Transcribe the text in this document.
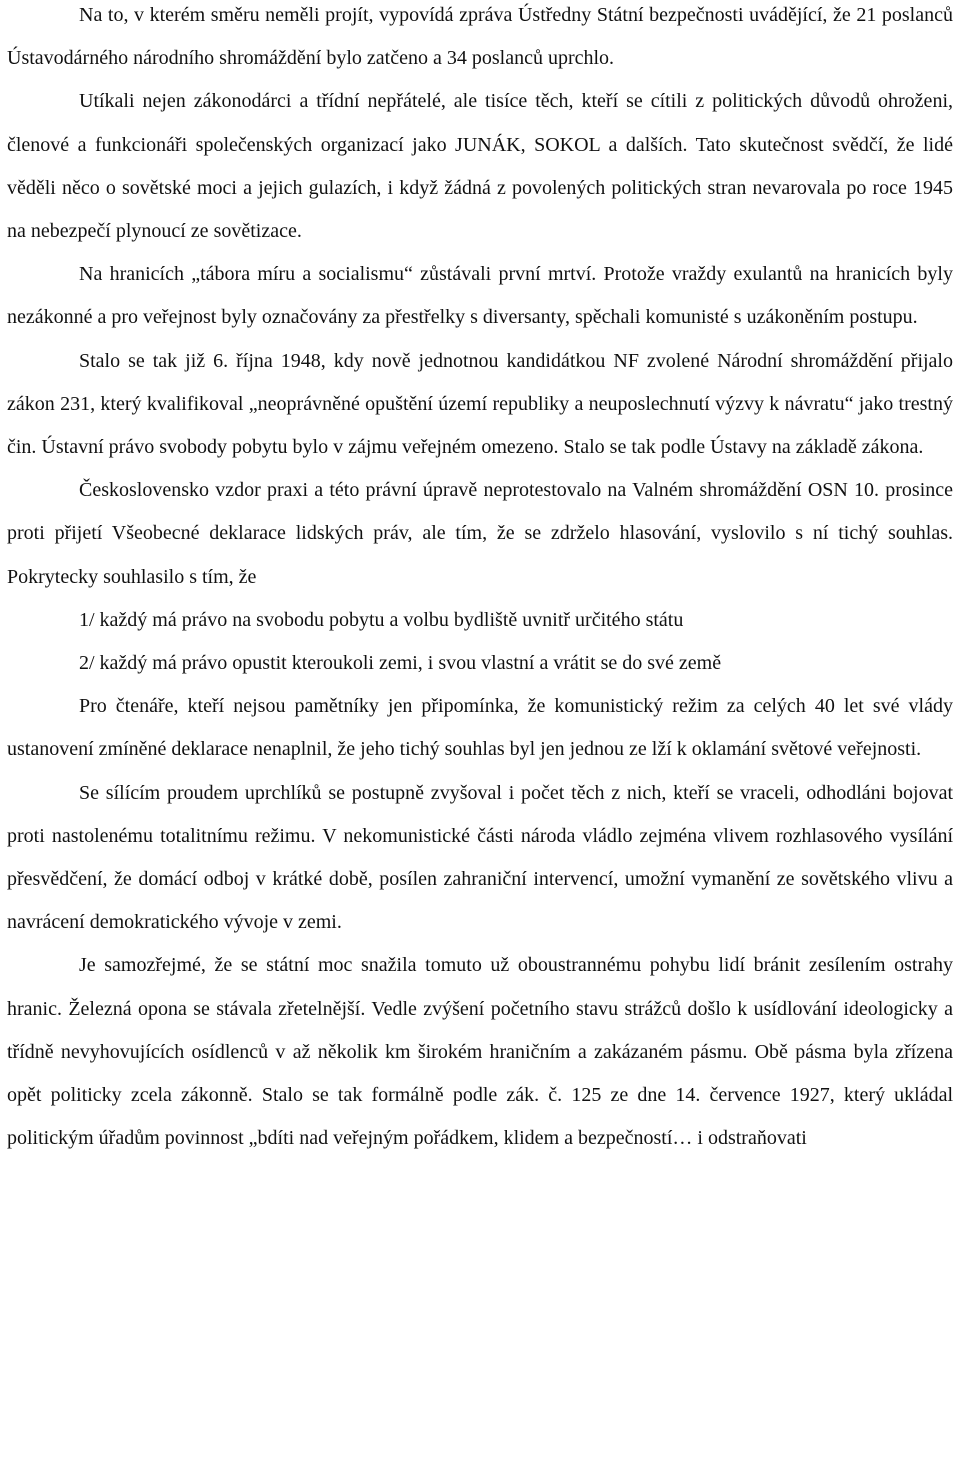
Na to, v kterém směru neměli projít, vypovídá zpráva Ústředny Státní bezpečnosti uvádějící, že 21 poslanců Ústavodárného národního shromáždění bylo zatčeno a 34 poslanců uprchlo.

Utíkali nejen zákonodárci a třídní nepřátelé, ale tisíce těch, kteří se cítili z politických důvodů ohroženi, členové a funkcionáři společenských organizací jako JUNÁK, SOKOL a dalších. Tato skutečnost svědčí, že lidé věděli něco o sovětské moci a jejich gulazích, i když žádná z povolených politických stran nevarovala po roce 1945 na nebezpečí plynoucí ze sovětizace.

Na hranicích „tábora míru a socialismu“ zůstávali první mrtví. Protože vraždy exulantů na hranicích byly nezákonné a pro veřejnost byly označovány za přestřelky s diversanty, spěchali komunisté s uzákoněním postupu.

Stalo se tak již 6. října 1948, kdy nově jednotnou kandidátkou NF zvolené Národní shromáždění přijalo zákon 231, který kvalifikoval „neoprávněné opuštění území republiky a neuposlechnutí výzvy k návratu“ jako trestný čin. Ústavní právo svobody pobytu bylo v zájmu veřejném omezeno. Stalo se tak podle Ústavy na základě zákona.

Československo vzdor praxi a této právní úpravě neprotestovalo na Valném shromáždění OSN 10. prosince proti přijetí Všeobecné deklarace lidských práv, ale tím, že se zdrželo hlasování, vyslovilo s ní tichý souhlas. Pokrytecky souhlasilo s tím, že

1/ každý má právo na svobodu pobytu a volbu bydliště uvnitř určitého státu

2/ každý má právo opustit kteroukoli zemi, i svou vlastní a vrátit se do své země

Pro čtenáře, kteří nejsou pamětníky jen připomínka, že komunistický režim za celých 40 let své vlády ustanovení zmíněné deklarace nenaplnil, že jeho tichý souhlas byl jen jednou ze lží k oklamání světové veřejnosti.

Se sílícím proudem uprchlíků se postupně zvyšoval i počet těch z nich, kteří se vraceli, odhodláni bojovat proti nastolenému totalitnímu režimu. V nekomunistické části národa vládlo zejména vlivem rozhlasového vysílání přesvědčení, že domácí odboj v krátké době, posílen zahraniční intervencí, umožní vymanění ze sovětského vlivu a navrácení demokratického vývoje v zemi.

Je samozřejmé, že se státní moc snažila tomuto už oboustrannému pohybu lidí bránit zesílením ostrahy hranic. Železná opona se stávala zřetelnější. Vedle zvýšení početního stavu strážců došlo k usídlování ideologicky a třídně nevyhovujících osídlenců v až několik km širokém hraničním a zakázaném pásmu. Obě pásma byla zřízena opět politicky zcela zákonně. Stalo se tak formálně podle zák. č. 125 ze dne 14. července 1927, který ukládal politickým úřadům povinnost „bdíti nad veřejným pořádkem, klidem a bezpečností… i odstraňovati
